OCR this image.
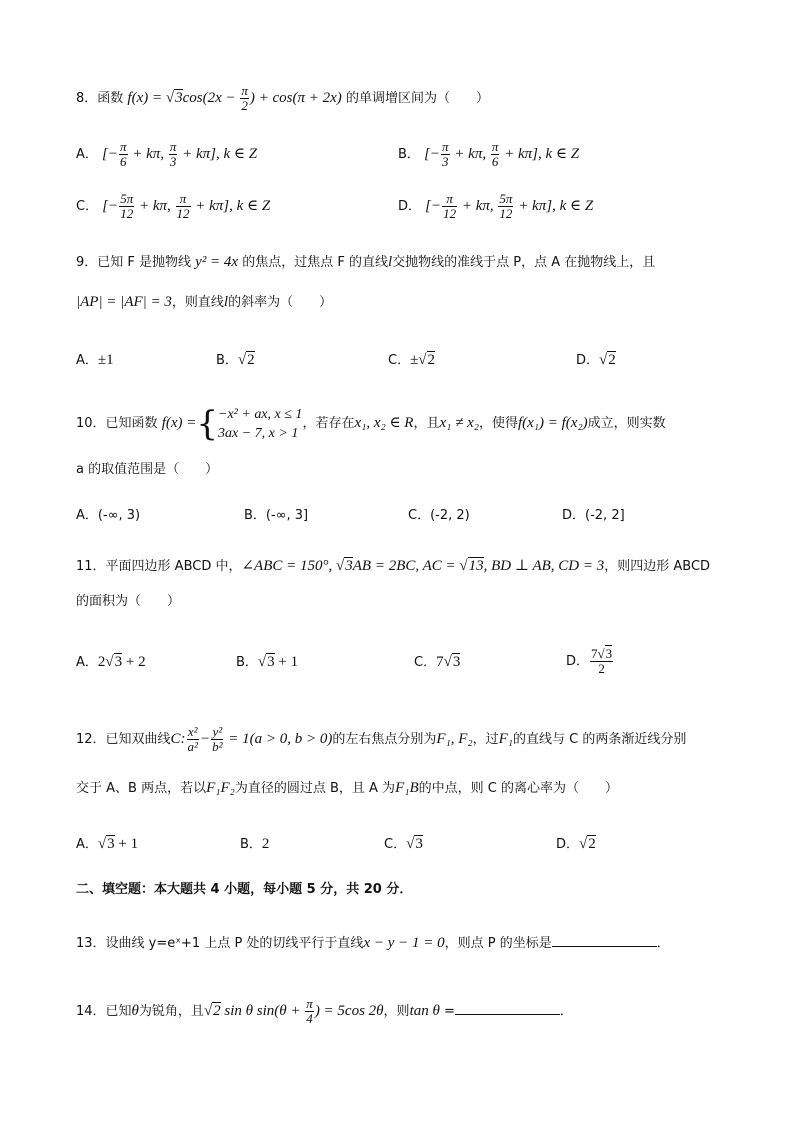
8．函数 $f(x) = √3\cos(2x - \frac{\pi}{2}$ ) + cos(π + 2x) 的单调增区间为（　　）
A． [− $\frac{\pi}{6} + k\pi$, $\frac{\pi}{3} + k\pi$], k ∈ Z	B． [− $\frac{\pi}{3} + k\pi$, $\frac{\pi}{6} + k\pi$], k ∈ Z
C． [− $\frac{5\pi}{12} + k\pi$, $\frac{\pi}{12} + k\pi$], k ∈ Z	D． [− $\frac{\pi}{12} + k\pi$, $\frac{5\pi}{12} + k\pi$], k ∈ Z
9．已知 F 是抛物线 y² = 4x 的焦点，过焦点 F 的直线l交抛物线的准线于点 P，点 A 在抛物线上，且
|AP| = |AF| = 3，则直线l的斜率为（　　）
A．±1	B．√2	C．±√2	D．√2
10．已知函数 f(x) ={ −x² + ax, x ≤ 1
3ax − 7, x > 1
，若存在x₁, x₂ ∈ R，且x₁ ≠ x₂，使得f(x₁) = f(x₂)成立，则实数
a 的取值范围是（　　）
A．(-∞, 3)	B．(-∞, 3]	C．(-2, 2)	D．(-2, 2]
11．平面四边形 ABCD 中，∠ABC = 150°, √3AB = 2BC, AC = √13, BD ⊥ AB, CD = 3，则四边形 ABCD
的面积为（　　）
A．2√3 + 2	B．√3 + 1	C．7√3	D． $\frac{7√3}{2}$
12．已知双曲线C: $\frac{\text{x²}}{\text{a²}} - \frac{\text{y²}}{\text{b²}} = 1(a > 0$, b > 0)的左右焦点分别为F₁, F₂，过F₁的直线与 C 的两条渐近线分别
交于 A、B 两点，若以F₁F₂为直径的圆过点 B，且 A 为F₁B的中点，则 C 的离心率为（　　）
A．√3 + 1	B．2	C．√3	D．√2
二、填空题：本大题共 4 小题，每小题 5 分，共 20 分．
13．设曲线 y=eˣ+1 上点 P 处的切线平行于直线x − y − 1 = 0，则点 P 的坐标是	．
14．已知θ为锐角，且√2 sin θ $\sin(\theta + \frac{\pi}{4}$ ) = 5cos 2θ，则tan θ =	．
